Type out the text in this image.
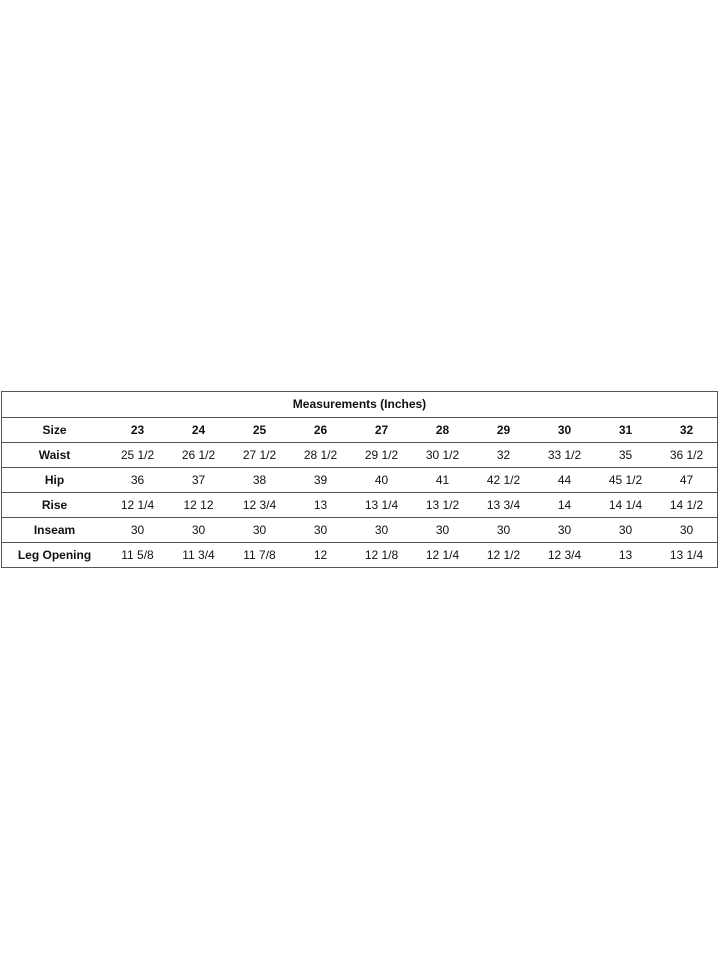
Measurements (Inches)
Size	23	24	25	26	27	28	29	30	31	32
Waist	25 1/2	26 1/2	27 1/2	28 1/2	29 1/2	30 1/2	32	33 1/2	35	36 1/2
Hip	36	37	38	39	40	41	42 1/2	44	45 1/2	47
Rise	12 1/4	12 12	12 3/4	13	13 1/4	13 1/2	13 3/4	14	14 1/4	14 1/2
Inseam	30	30	30	30	30	30	30	30	30	30
Leg Opening	11 5/8	11 3/4	11 7/8	12	12 1/8	12 1/4	12 1/2	12 3/4	13	13 1/4
